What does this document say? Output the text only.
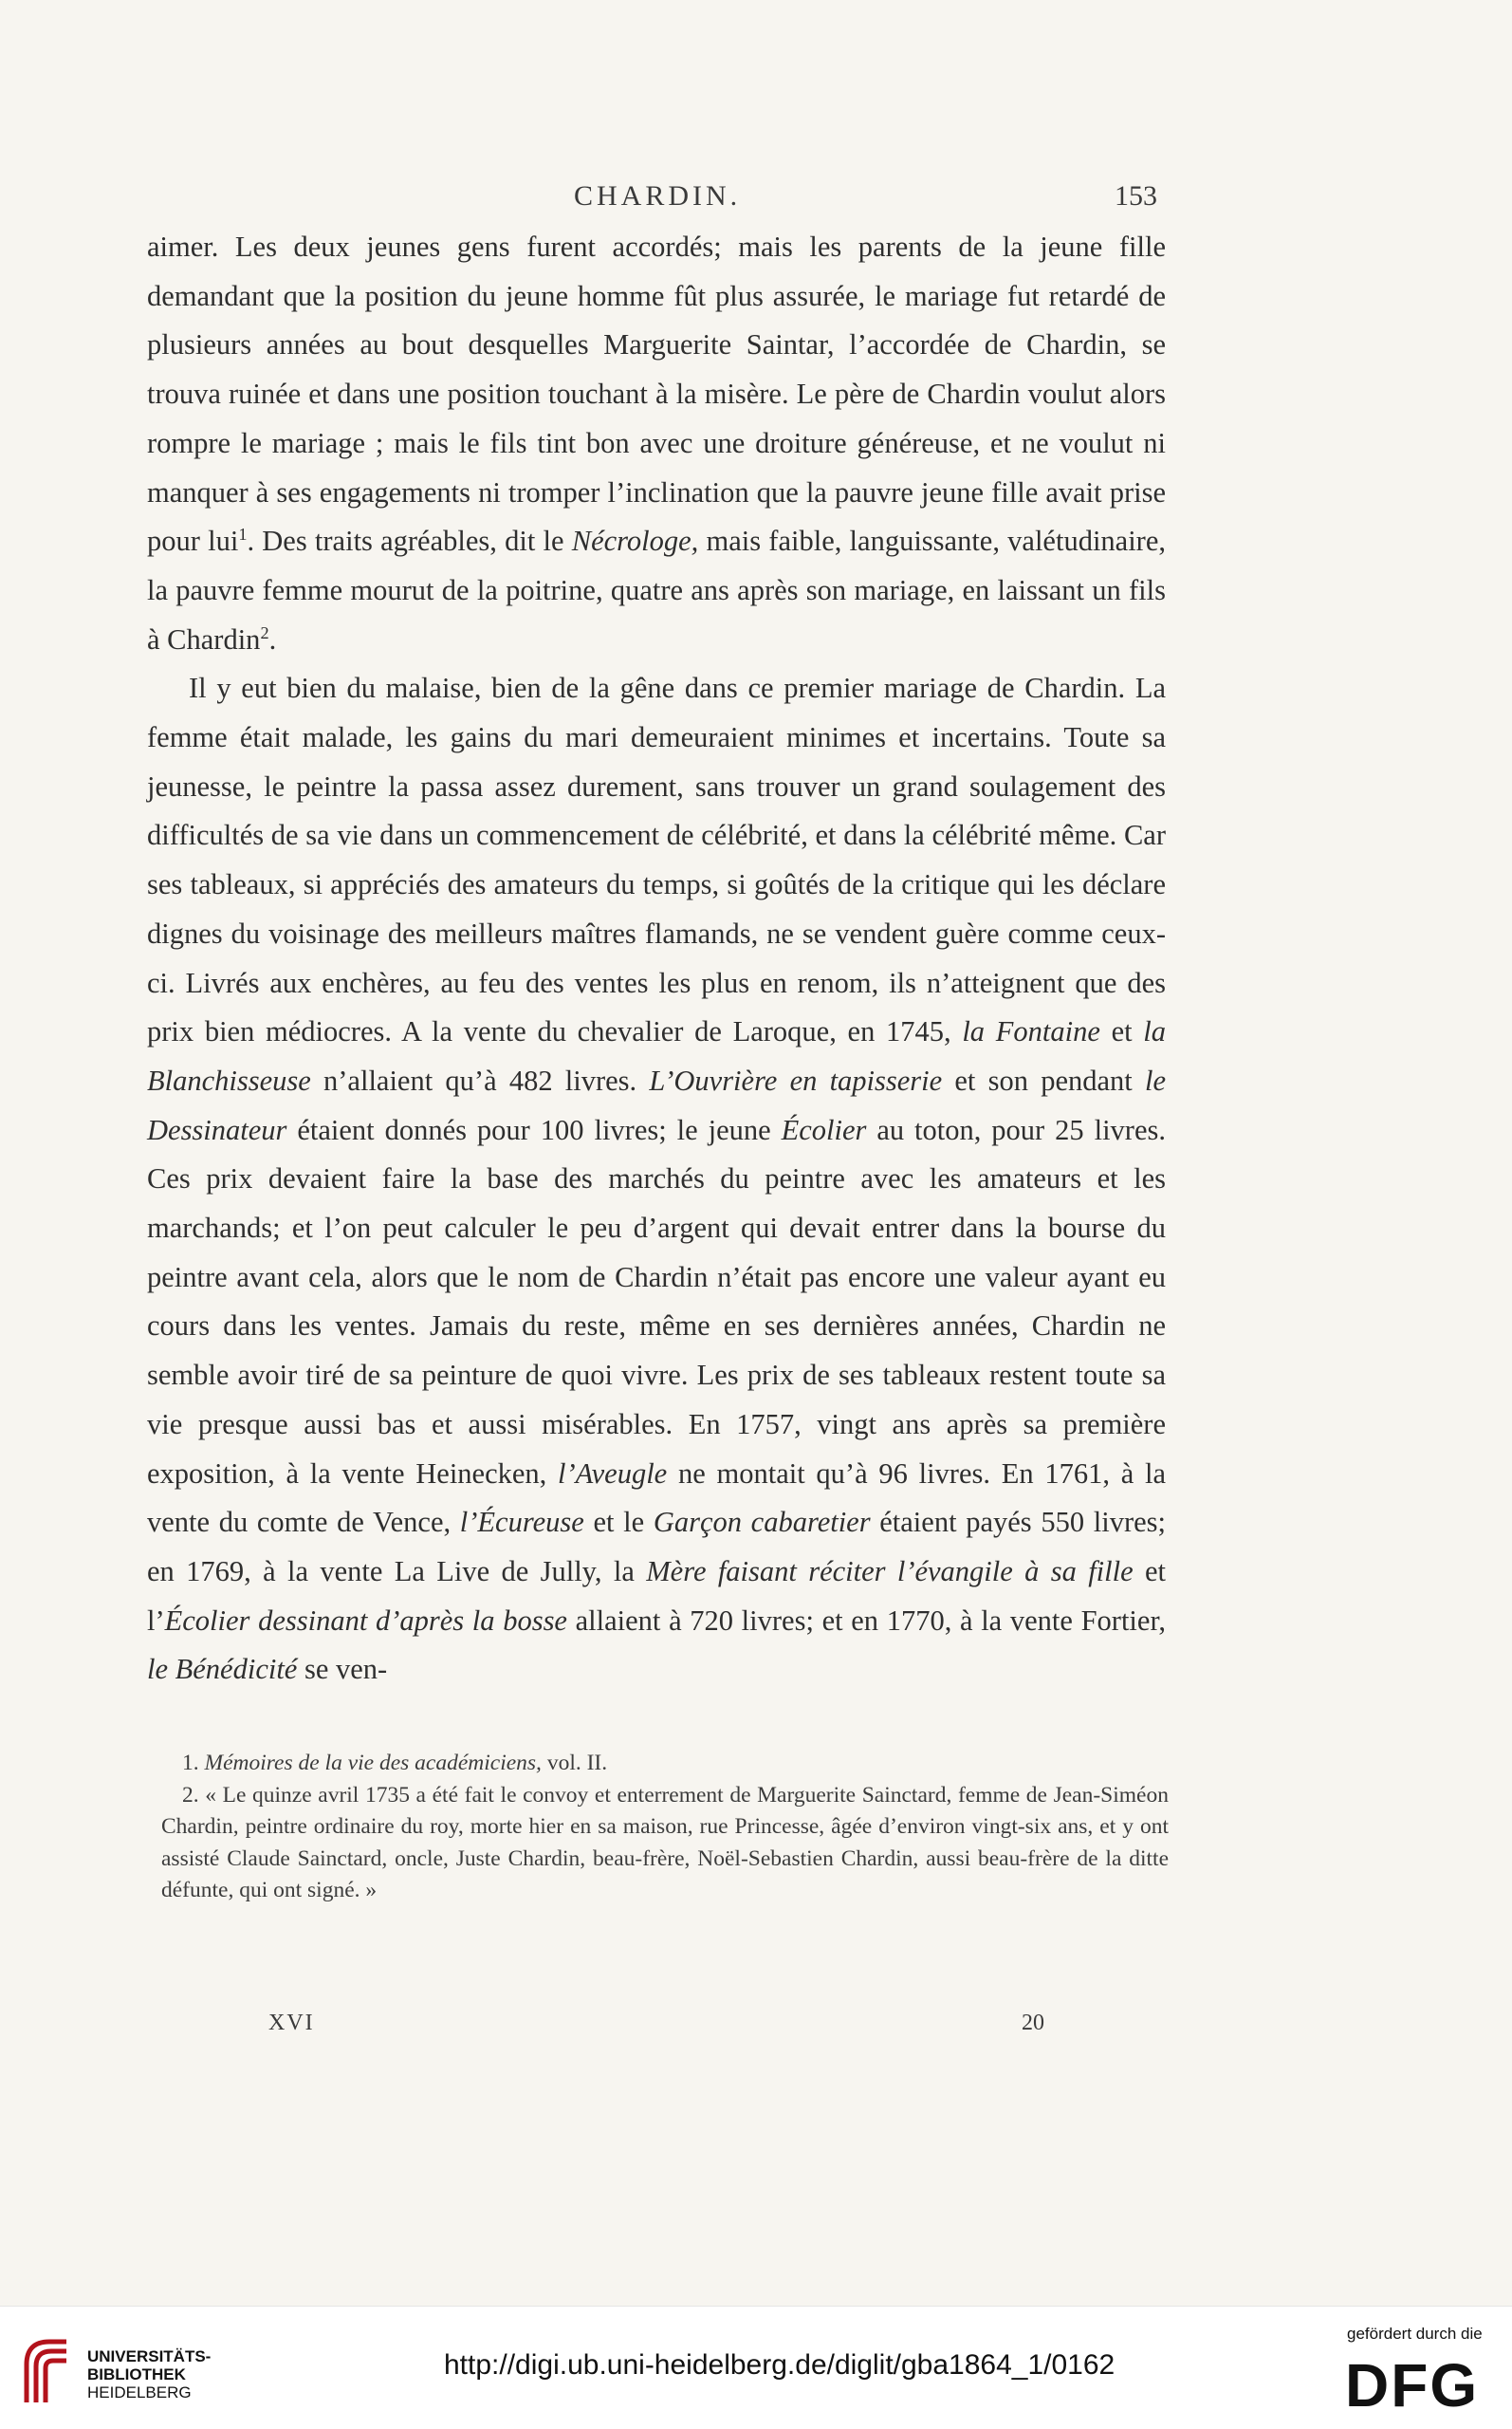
CHARDIN.	153

aimer. Les deux jeunes gens furent accordés; mais les parents de la jeune fille demandant que la position du jeune homme fût plus assurée, le mariage fut retardé de plusieurs années au bout desquelles Marguerite Saintar, l’accordée de Chardin, se trouva ruinée et dans une position touchant à la misère. Le père de Chardin voulut alors rompre le mariage ; mais le fils tint bon avec une droiture généreuse, et ne voulut ni manquer à ses engagements ni tromper l’inclination que la pauvre jeune fille avait prise pour lui$^1$. Des traits agréables, dit le Nécrologe, mais faible, languissante, valétudinaire, la pauvre femme mourut de la poitrine, quatre ans après son mariage, en laissant un fils à Chardin$^2$.

Il y eut bien du malaise, bien de la gêne dans ce premier mariage de Chardin. La femme était malade, les gains du mari demeuraient minimes et incertains. Toute sa jeunesse, le peintre la passa assez durement, sans trouver un grand soulagement des difficultés de sa vie dans un commencement de célébrité, et dans la célébrité même. Car ses tableaux, si appréciés des amateurs du temps, si goûtés de la critique qui les déclare dignes du voisinage des meilleurs maîtres flamands, ne se vendent guère comme ceux-ci. Livrés aux enchères, au feu des ventes les plus en renom, ils n’atteignent que des prix bien médiocres. A la vente du chevalier de Laroque, en 1745, la Fontaine et la Blanchisseuse n’allaient qu’à 482 livres. L’Ouvrière en tapisserie et son pendant le Dessinateur étaient donnés pour 100 livres; le jeune Écolier au toton, pour 25 livres. Ces prix devaient faire la base des marchés du peintre avec les amateurs et les marchands; et l’on peut calculer le peu d’argent qui devait entrer dans la bourse du peintre avant cela, alors que le nom de Chardin n’était pas encore une valeur ayant eu cours dans les ventes. Jamais du reste, même en ses dernières années, Chardin ne semble avoir tiré de sa peinture de quoi vivre. Les prix de ses tableaux restent toute sa vie presque aussi bas et aussi misérables. En 1757, vingt ans après sa première exposition, à la vente Heinecken, l’Aveugle ne montait qu’à 96 livres. En 1761, à la vente du comte de Vence, l’Écureuse et le Garçon cabaretier étaient payés 550 livres; en 1769, à la vente La Live de Jully, la Mère faisant réciter l’évangile à sa fille et l’Écolier dessinant d’après la bosse allaient à 720 livres; et en 1770, à la vente Fortier, le Bénédicité se ven-

1. Mémoires de la vie des académiciens, vol. II.

2. « Le quinze avril 1735 a été fait le convoy et enterrement de Marguerite Sainctard, femme de Jean-Siméon Chardin, peintre ordinaire du roy, morte hier en sa maison, rue Princesse, âgée d’environ vingt-six ans, et y ont assisté Claude Sainctard, oncle, Juste Chardin, beau-frère, Noël-Sebastien Chardin, aussi beau-frère de la ditte défunte, qui ont signé. »

XVI	20
UNIVERSITÄTS-
BIBLIOTHEK
HEIDELBERG
http://digi.ub.uni-heidelberg.de/diglit/gba1864_1/0162
gefördert durch die
DFG
